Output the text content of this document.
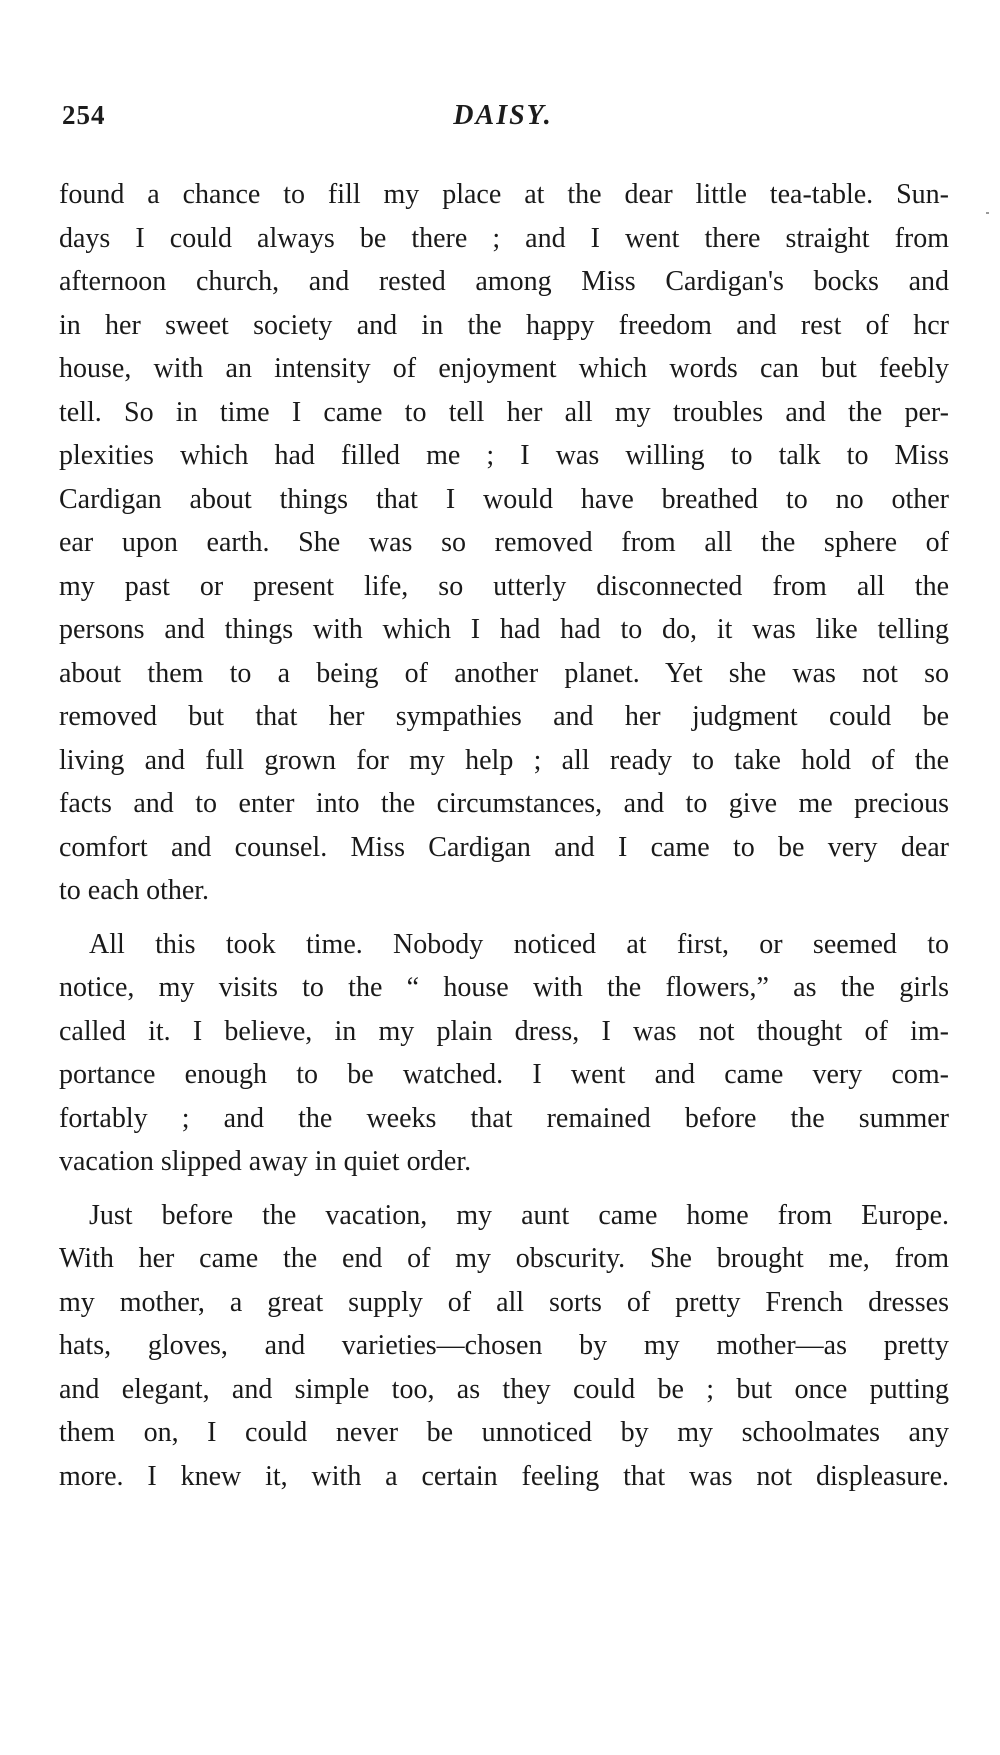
254	DAISY.

found a chance to fill my place at the dear little tea-table. Sun-
days I could always be there ; and I went there straight from
afternoon church, and rested among Miss Cardigan's bocks and
in her sweet society and in the happy freedom and rest of hcr
house, with an intensity of enjoyment which words can but feebly
tell. So in time I came to tell her all my troubles and the per-
plexities which had filled me ; I was willing to talk to Miss
Cardigan about things that I would have breathed to no other
ear upon earth. She was so removed from all the sphere of
my past or present life, so utterly disconnected from all the
persons and things with which I had had to do, it was like telling
about them to a being of another planet. Yet she was not so
removed but that her sympathies and her judgment could be
living and full grown for my help ; all ready to take hold of the
facts and to enter into the circumstances, and to give me precious
comfort and counsel. Miss Cardigan and I came to be very dear
to each other.

All this took time. Nobody noticed at first, or seemed to
notice, my visits to the “ house with the flowers,” as the girls
called it. I believe, in my plain dress, I was not thought of im-
portance enough to be watched. I went and came very com-
fortably ; and the weeks that remained before the summer
vacation slipped away in quiet order.

Just before the vacation, my aunt came home from Europe.
With her came the end of my obscurity. She brought me, from
my mother, a great supply of all sorts of pretty French dresses
hats, gloves, and varieties—chosen by my mother—as pretty
and elegant, and simple too, as they could be ; but once putting
them on, I could never be unnoticed by my schoolmates any
more. I knew it, with a certain feeling that was not displeasure.
